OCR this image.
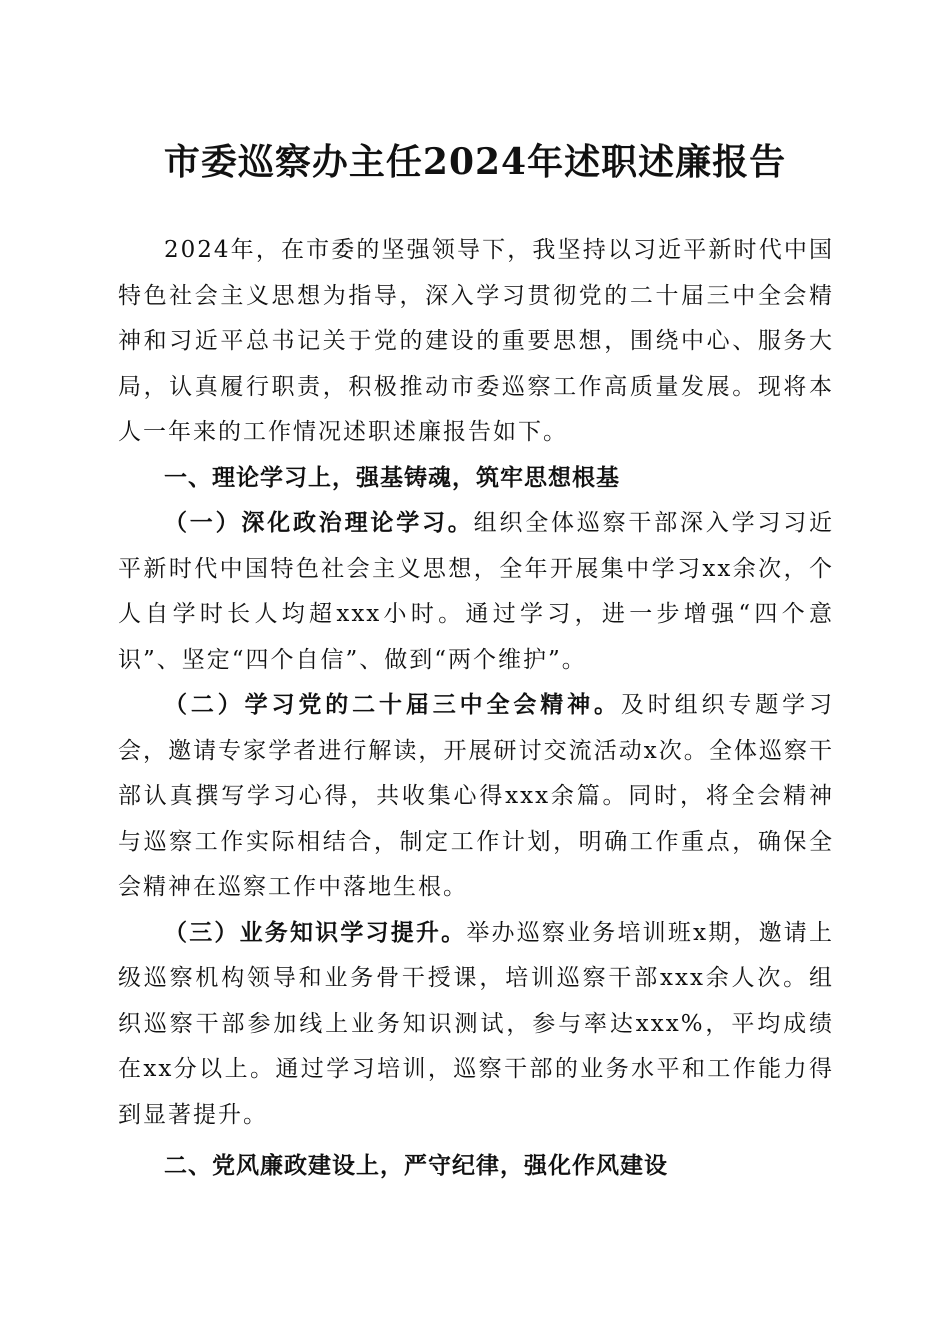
市委巡察办主任2024年述职述廉报告

2024年，在市委的坚强领导下，我坚持以习近平新时代中国特色社会主义思想为指导，深入学习贯彻党的二十届三中全会精神和习近平总书记关于党的建设的重要思想，围绕中心、服务大局，认真履行职责，积极推动市委巡察工作高质量发展。现将本人一年来的工作情况述职述廉报告如下。

一、理论学习上，强基铸魂，筑牢思想根基

（一）深化政治理论学习。组织全体巡察干部深入学习习近平新时代中国特色社会主义思想，全年开展集中学习xx余次，个人自学时长人均超xxx小时。通过学习，进一步增强“四个意识”、坚定“四个自信”、做到“两个维护”。

（二）学习党的二十届三中全会精神。及时组织专题学习会，邀请专家学者进行解读，开展研讨交流活动x次。全体巡察干部认真撰写学习心得，共收集心得xxx余篇。同时，将全会精神与巡察工作实际相结合，制定工作计划，明确工作重点，确保全会精神在巡察工作中落地生根。

（三）业务知识学习提升。举办巡察业务培训班x期，邀请上级巡察机构领导和业务骨干授课，培训巡察干部xxx余人次。组织巡察干部参加线上业务知识测试，参与率达xxx%，平均成绩在xx分以上。通过学习培训，巡察干部的业务水平和工作能力得到显著提升。

二、党风廉政建设上，严守纪律，强化作风建设
